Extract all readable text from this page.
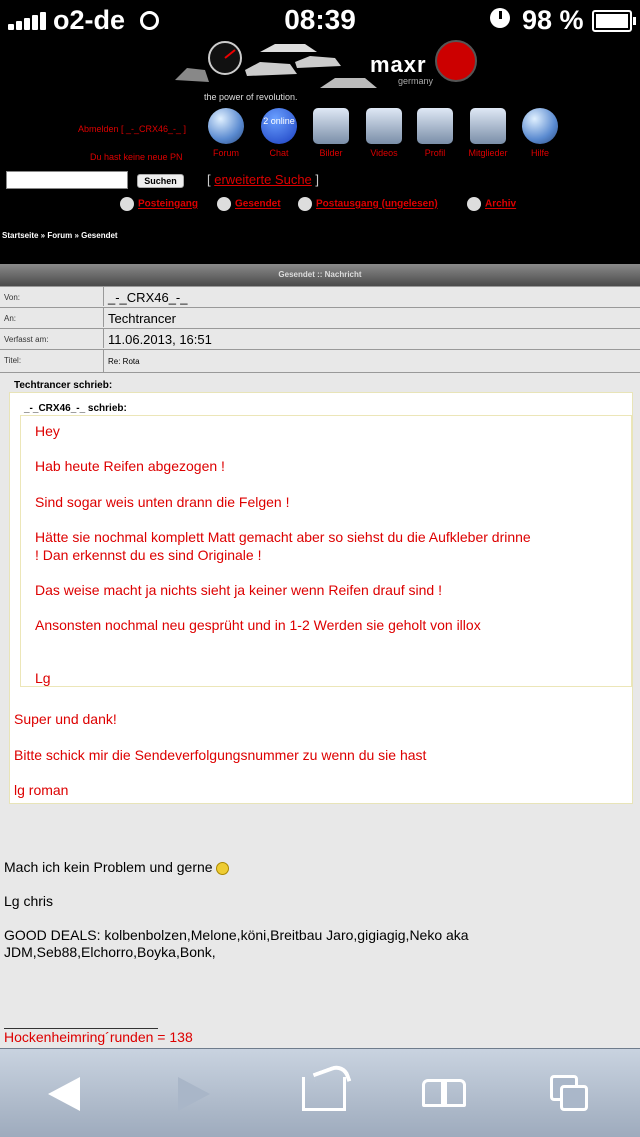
o2-de	08:39	98 %
maxr
germany
the power of revolution.
Abmelden [ _-_CRX46_-_ ]
Du hast keine neue PN	Forum
2 online
Chat	Bilder	Videos	Profil	Mitglieder	Hilfe
Suchen	[ erweiterte Suche ]
Posteingang	Gesendet	Postausgang (ungelesen)	Archiv
Startseite » Forum » Gesendet
Gesendet :: Nachricht
Von:	_-_CRX46_-_
An:	Techtrancer
Verfasst am:	11.06.2013, 16:51
Titel:	Re: Rota
Techtrancer schrieb:
_-_CRX46_-_ schrieb:
Hey
Hab heute Reifen abgezogen !
Sind sogar weis unten drann die Felgen !
Hätte sie nochmal komplett Matt gemacht aber so siehst du die Aufkleber drinne
! Dan erkennst du es sind Originale !
Das weise macht ja nichts sieht ja keiner wenn Reifen drauf sind !
Ansonsten nochmal neu gesprüht und in 1-2 Werden sie geholt von illox
Lg
Super und dank!
Bitte schick mir die Sendeverfolgungsnummer zu wenn du sie hast
lg roman
Mach ich kein Problem und gerne
Lg chris
GOOD DEALS: kolbenbolzen,Melone,köni,Breitbau Jaro,gigiagig,Neko aka
JDM,Seb88,Elchorro,Boyka,Bonk,
Hockenheimring´runden = 138
